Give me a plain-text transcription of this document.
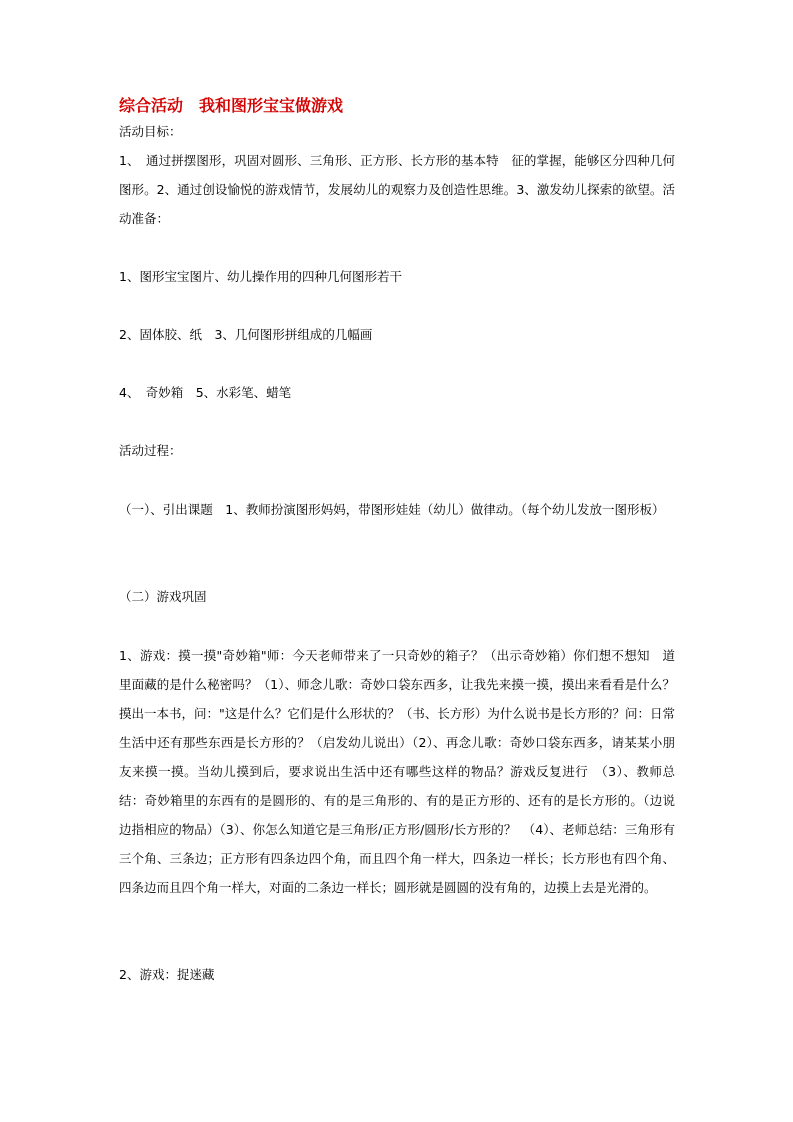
综合活动　我和图形宝宝做游戏
活动目标：
1、　通过拼摆图形，巩固对圆形、三角形、正方形、长方形的基本特　征的掌握，能够区分四种几何图形。2、通过创设愉悦的游戏情节，发展幼儿的观察力及创造性思维。3、激发幼儿探索的欲望。活动准备：
1、图形宝宝图片、幼儿操作用的四种几何图形若干
2、固体胶、纸　3、几何图形拼组成的几幅画
4、　奇妙箱　5、水彩笔、蜡笔
活动过程：
（一）、引出课题　1、教师扮演图形妈妈，带图形娃娃（幼儿）做律动。（每个幼儿发放一图形板）
（二）游戏巩固
1、游戏：摸一摸"奇妙箱"师：今天老师带来了一只奇妙的箱子？（出示奇妙箱）你们想不想知　道里面藏的是什么秘密吗？（1）、师念儿歌：奇妙口袋东西多，让我先来摸一摸，摸出来看看是什么？摸出一本书，问："这是什么？它们是什么形状的？（书、长方形）为什么说书是长方形的？问：日常生活中还有那些东西是长方形的？（启发幼儿说出）（2）、再念儿歌：奇妙口袋东西多，请某某小朋友来摸一摸。当幼儿摸到后，要求说出生活中还有哪些这样的物品？游戏反复进行　（3）、教师总结：奇妙箱里的东西有的是圆形的、有的是三角形的、有的是正方形的、还有的是长方形的。（边说边指相应的物品）（3）、你怎么知道它是三角形/正方形/圆形/长方形的？　（4）、老师总结：三角形有三个角、三条边；正方形有四条边四个角，而且四个角一样大，四条边一样长；长方形也有四个角、四条边而且四个角一样大，对面的二条边一样长；圆形就是圆圆的没有角的，边摸上去是光滑的。
2、游戏：捉迷藏
